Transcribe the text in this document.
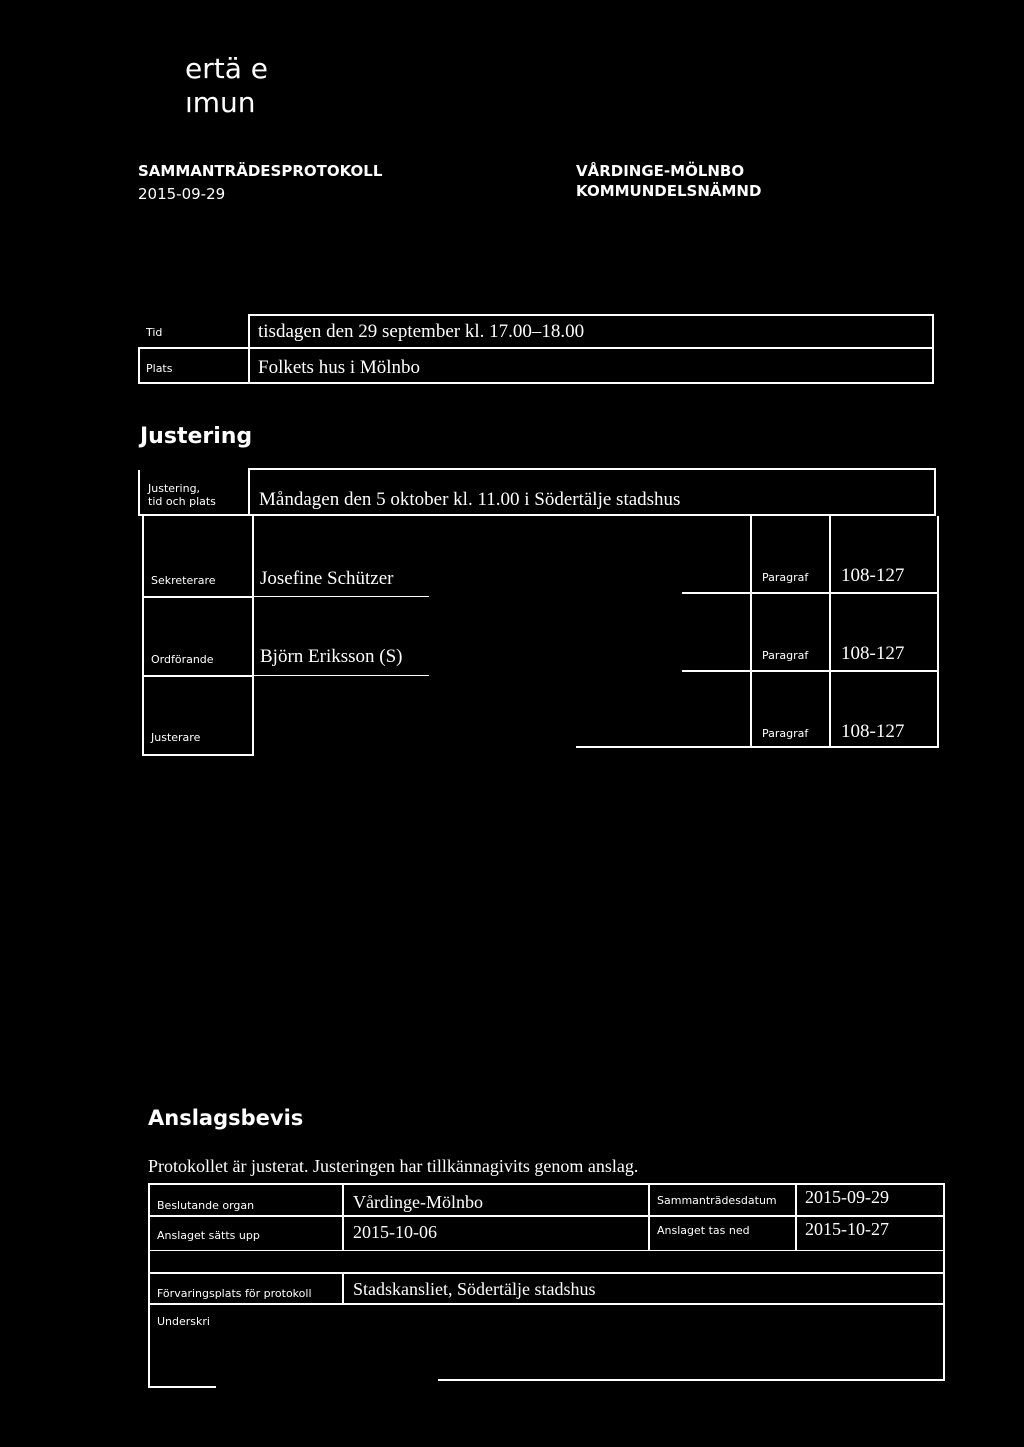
ertä e
ımun
SAMMANTRÄDESPROTOKOLL
2015-09-29
VÅRDINGE-MÖLNBO
KOMMUNDELSNÄMND
Tid	tisdagen den 29 september kl. 17.00–18.00
Plats	Folkets hus i Mölnbo
Justering
Justering,
tid och plats Måndagen den 5 oktober kl. 11.00 i Södertälje stadshus
Sekreterare Josefine Schützer	Paragraf 108-127
Ordförande Björn Eriksson (S)	Paragraf 108-127
Justerare	Paragraf 108-127
Anslagsbevis
Protokollet är justerat. Justeringen har tillkännagivits genom anslag.
Beslutande organ	Vårdinge-Mölnbo	Sammanträdesdatum 2015-09-29
Anslaget sätts upp	2015-10-06	Anslaget tas ned	2015-10-27
Förvaringsplats för protokoll Stadskansliet, Södertälje stadshus
Underskri
